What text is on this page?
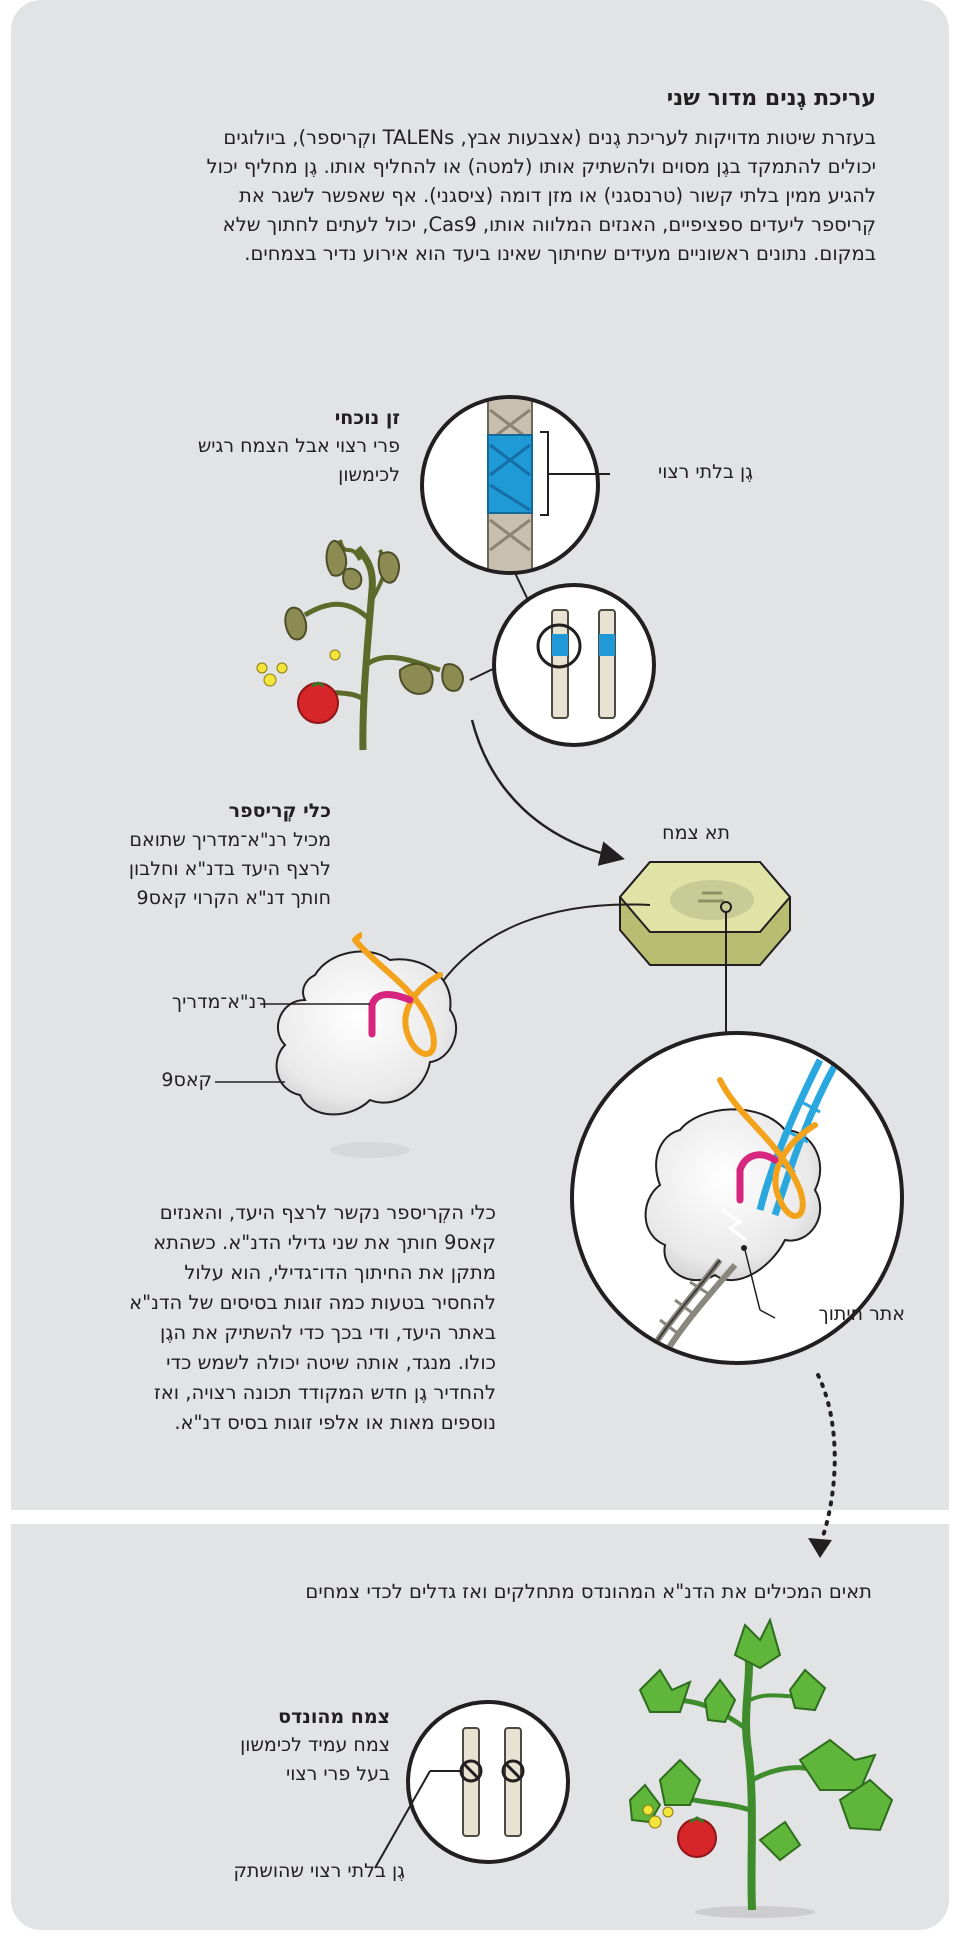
עריכת גֶנים מדור שני
בעזרת שיטות מדויקות לעריכת גֶנים (אצבעות אבץ, TALENs וקְריספר), ביולוגים
יכולים להתמקד בגֶן מסוים ולהשתיק אותו (למטה) או להחליף אותו. גֶן מחליף יכול
להגיע ממין בלתי קשור (טרנסגני) או מזן דומה (ציסגני). אף שאפשר לשגר את
קְריספר ליעדים ספציפיים, האנזים המלווה אותו, Cas9, יכול לעתים לחתוך שלא
במקום. נתונים ראשוניים מעידים שחיתוך שאינו ביעד הוא אירוע נדיר בצמחים.
זן נוכחי
פרי רצוי אבל הצמח רגיש
לכימשון	גֶן בלתי רצוי
כלי קְריספר
מכיל רנ"א־מדריך שתואם
לרצף היעד בדנ"א וחלבון
חותך דנ"א הקרוי קאס9
תא צמח
רנ"א־מדריך
קאס9
כלי הקְריספר נקשר לרצף היעד, והאנזים
קאס9 חותך את שני גדילי הדנ"א. כשהתא
מתקן את החיתוך הדו־גדילי, הוא עלול
להחסיר בטעות כמה זוגות בסיסים של הדנ"א
באתר היעד, ודי בכך כדי להשתיק את הגֶן
כולו. מנגד, אותה שיטה יכולה לשמש כדי
להחדיר גֶן חדש המקודד תכונה רצויה, ואז
נוספים מאות או אלפי זוגות בסיס דנ"א.
אתר חיתוך
תאים המכילים את הדנ"א המהונדס מתחלקים ואז גדלים לכדי צמחים
צמח מהונדס
צמח עמיד לכימשון
בעל פרי רצוי
גֶן בלתי רצוי שהושתק
